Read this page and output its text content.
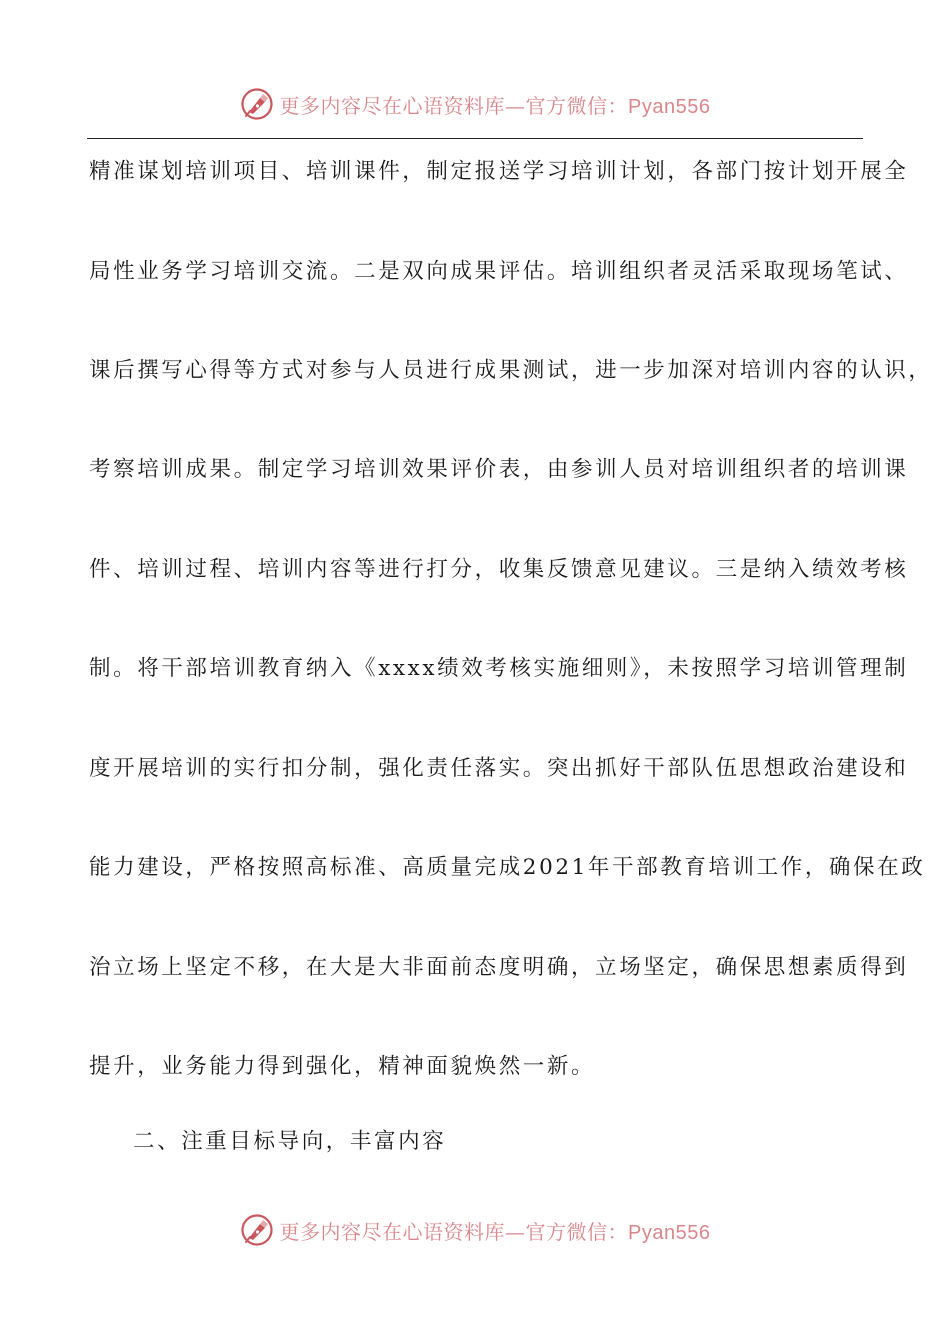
更多内容尽在心语资料库—官方微信：Pyan556
精准谋划培训项目、培训课件，制定报送学习培训计划，各部门按计划开展全
局性业务学习培训交流。二是双向成果评估。培训组织者灵活采取现场笔试、
课后撰写心得等方式对参与人员进行成果测试，进一步加深对培训内容的认识，
考察培训成果。制定学习培训效果评价表，由参训人员对培训组织者的培训课
件、培训过程、培训内容等进行打分，收集反馈意见建议。三是纳入绩效考核
制。将干部培训教育纳入《xxxx绩效考核实施细则》，未按照学习培训管理制
度开展培训的实行扣分制，强化责任落实。突出抓好干部队伍思想政治建设和
能力建设，严格按照高标准、高质量完成2021年干部教育培训工作，确保在政
治立场上坚定不移，在大是大非面前态度明确，立场坚定，确保思想素质得到
提升，业务能力得到强化，精神面貌焕然一新。
二、注重目标导向，丰富内容
更多内容尽在心语资料库—官方微信：Pyan556
